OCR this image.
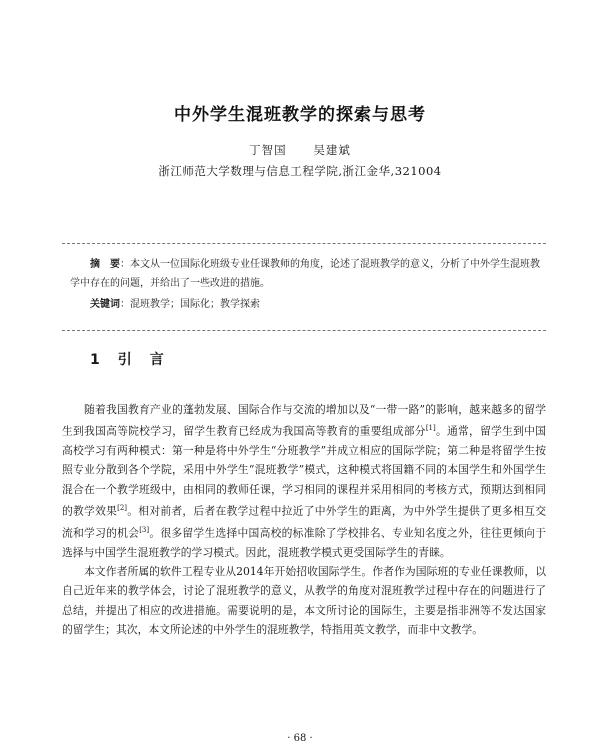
中外学生混班教学的探索与思考
丁智国 吴建斌
浙江师范大学数理与信息工程学院,浙江金华,321004

摘　要：本文从一位国际化班级专业任课教师的角度，论述了混班教学的意义，分析了中外学生混班教学中存在的问题，并给出了一些改进的措施。

关键词：混班教学；国际化；教学探索

1 引　言

随着我国教育产业的蓬勃发展、国际合作与交流的增加以及“一带一路”的影响，越来越多的留学生到我国高等院校学习，留学生教育已经成为我国高等教育的重要组成部分[1]。通常，留学生到中国高校学习有两种模式：第一种是将中外学生“分班教学”并成立相应的国际学院；第二种是将留学生按照专业分散到各个学院，采用中外学生“混班教学”模式，这种模式将国籍不同的本国学生和外国学生混合在一个教学班级中，由相同的教师任课，学习相同的课程并采用相同的考核方式，预期达到相同的教学效果[2]。相对前者，后者在教学过程中拉近了中外学生的距离，为中外学生提供了更多相互交流和学习的机会[3]。很多留学生选择中国高校的标准除了学校排名、专业知名度之外，往往更倾向于选择与中国学生混班教学的学习模式。因此，混班教学模式更受国际学生的青睐。

本文作者所属的软件工程专业从2014年开始招收国际学生。作者作为国际班的专业任课教师，以自己近年来的教学体会，讨论了混班教学的意义，从教学的角度对混班教学过程中存在的问题进行了总结，并提出了相应的改进措施。需要说明的是，本文所讨论的国际生，主要是指非洲等不发达国家的留学生；其次，本文所论述的中外学生的混班教学，特指用英文教学，而非中文教学。

· 68 ·
